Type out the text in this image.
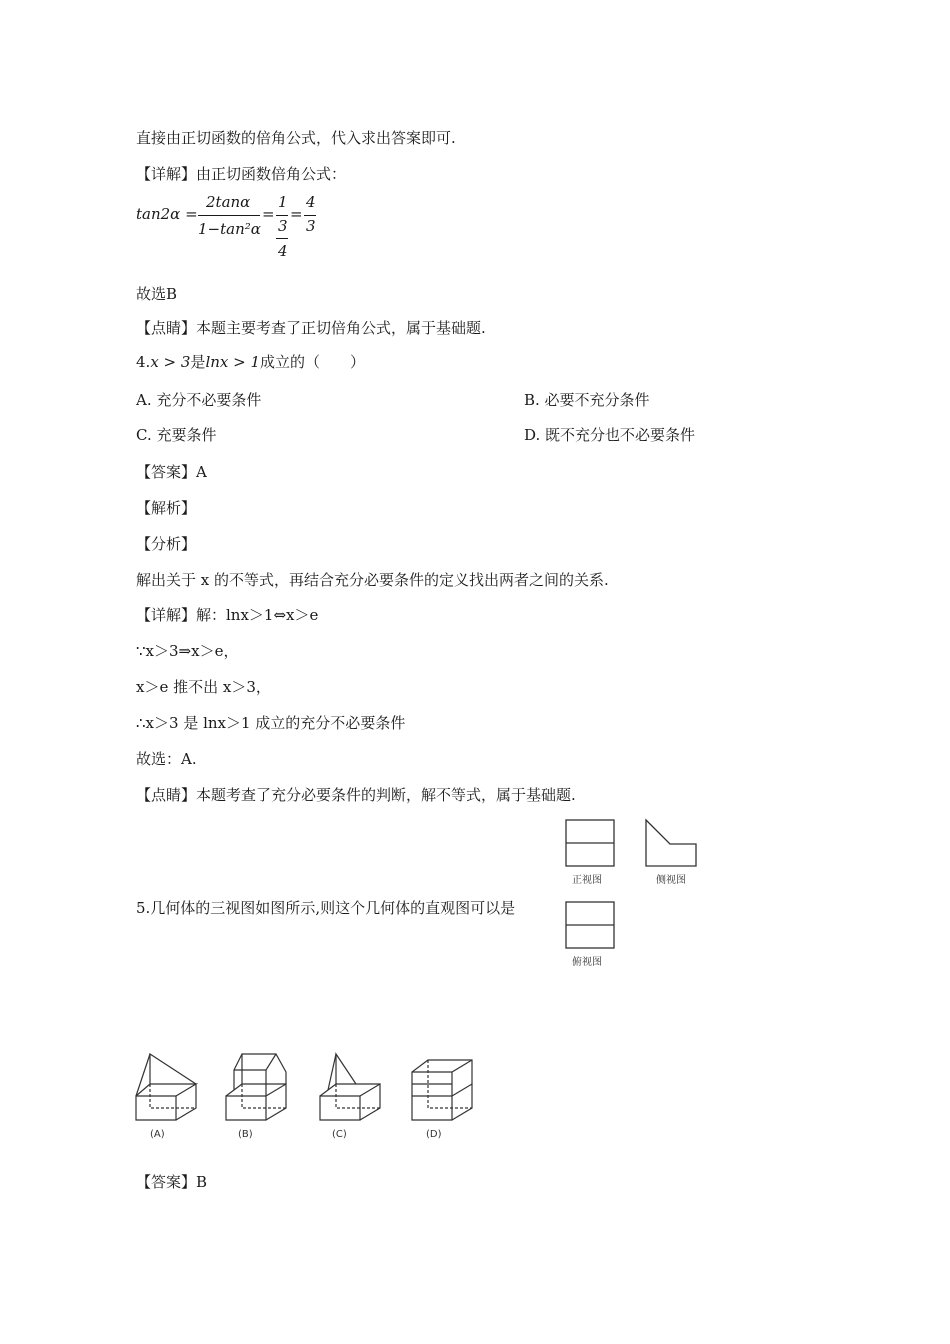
直接由正切函数的倍角公式，代入求出答案即可.
【详解】由正切函数倍角公式：
tan2α =
2tanα
1−tan²α
=
1
3
4
=
4
3
故选B
【点睛】本题主要考查了正切倍角公式，属于基础题.
4.x > 3是lnx > 1成立的（　　）
A. 充分不必要条件	B. 必要不充分条件
C. 充要条件	D. 既不充分也不必要条件
【答案】A
【解析】
【分析】
解出关于 x 的不等式，再结合充分必要条件的定义找出两者之间的关系.
【详解】解：lnx＞1⇔x＞e
∵x＞3⇒x＞e，
x＞e 推不出 x＞3，
∴x＞3 是 lnx＞1 成立的充分不必要条件
故选：A.
【点睛】本题考查了充分必要条件的判断，解不等式，属于基础题.
5.几何体的三视图如图所示,则这个几何体的直观图可以是
正视图	侧视图
俯视图
(A)	(B)	(C)	(D)
【答案】B
